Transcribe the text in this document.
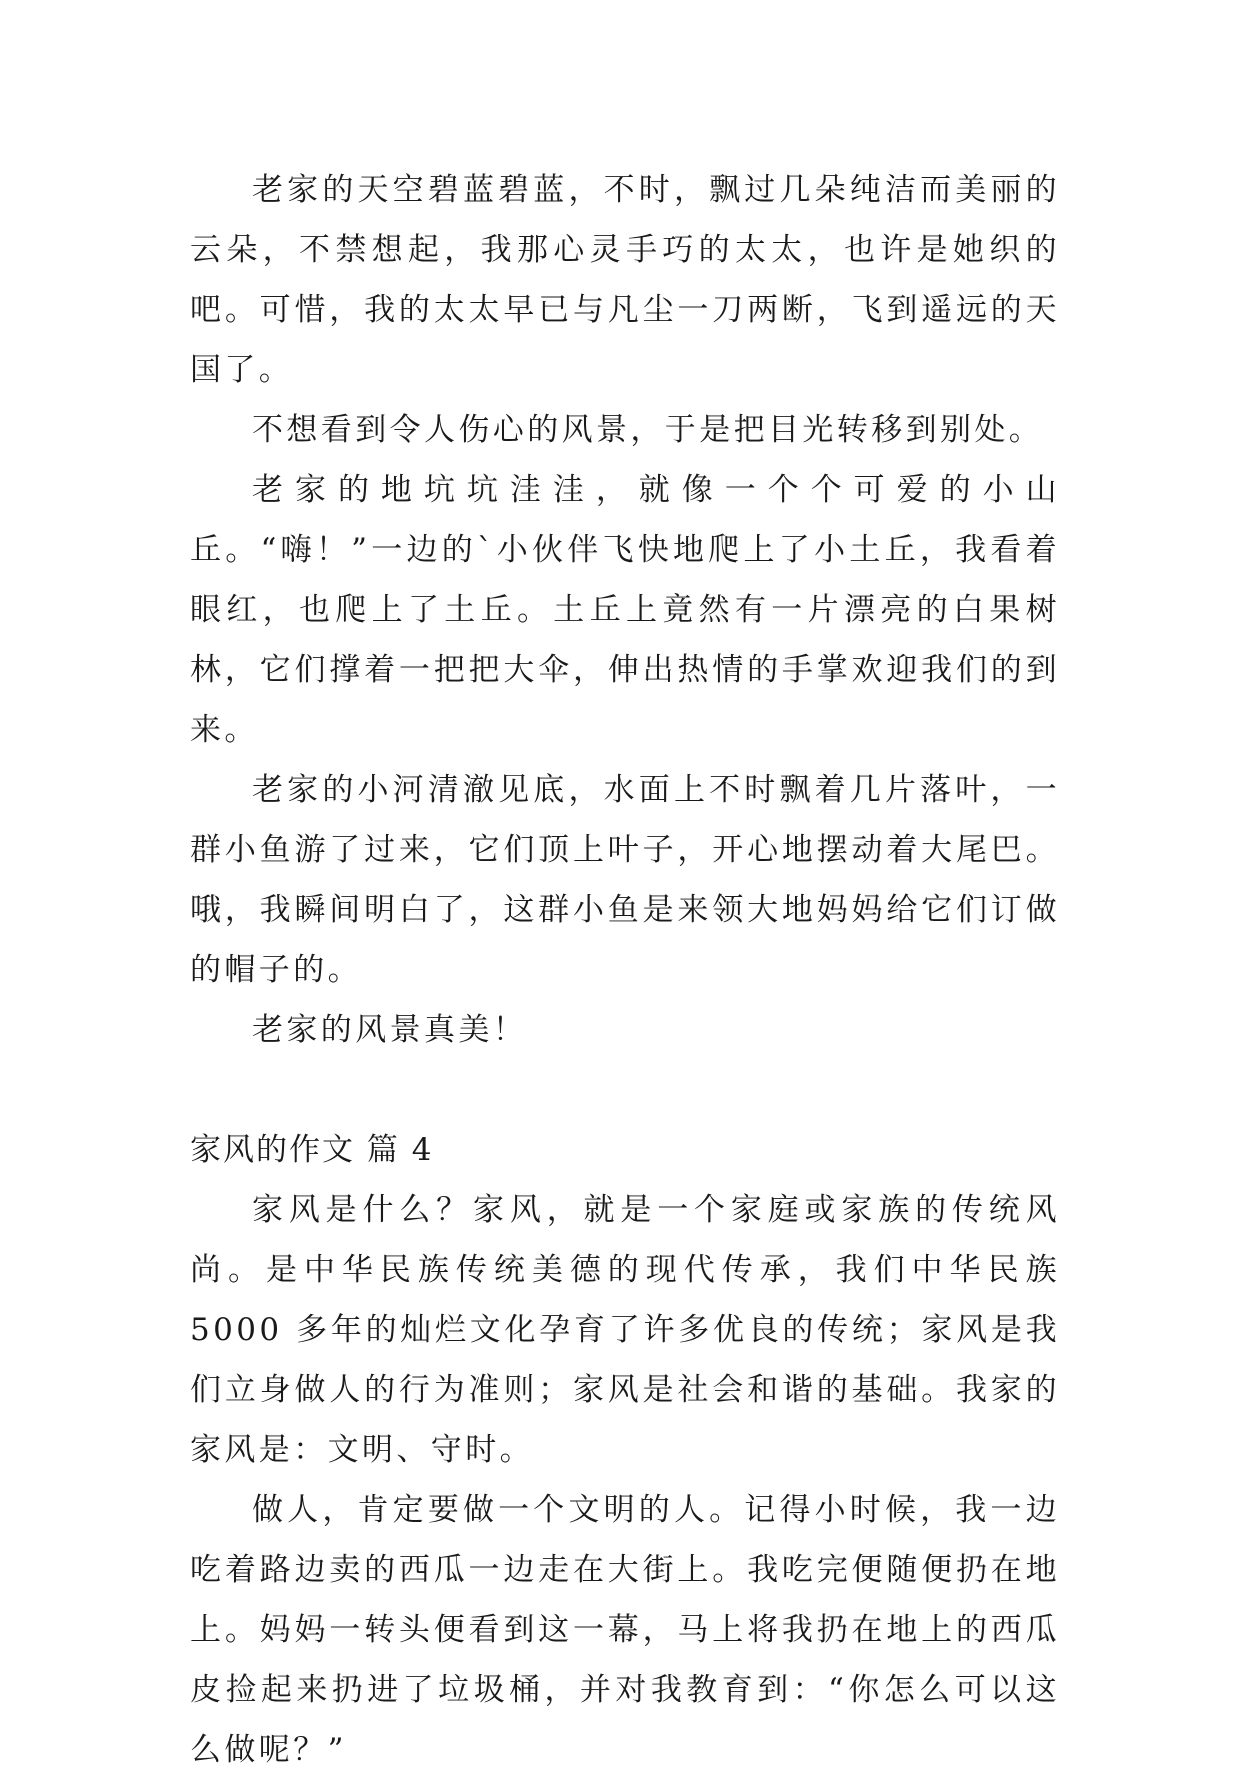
老家的天空碧蓝碧蓝，不时，飘过几朵纯洁而美丽的云朵，不禁想起，我那心灵手巧的太太，也许是她织的吧。可惜，我的太太早已与凡尘一刀两断，飞到遥远的天国了。

不想看到令人伤心的风景，于是把目光转移到别处。

老家的地坑坑洼洼，就像一个个可爱的小山丘。“嗨！”一边的`小伙伴飞快地爬上了小土丘，我看着眼红，也爬上了土丘。土丘上竟然有一片漂亮的白果树林，它们撑着一把把大伞，伸出热情的手掌欢迎我们的到来。

老家的小河清澈见底，水面上不时飘着几片落叶，一群小鱼游了过来，它们顶上叶子，开心地摆动着大尾巴。哦，我瞬间明白了，这群小鱼是来领大地妈妈给它们订做的帽子的。

老家的风景真美！

家风的作文 篇 4

家风是什么？家风，就是一个家庭或家族的传统风尚。是中华民族传统美德的现代传承，我们中华民族 5000 多年的灿烂文化孕育了许多优良的传统；家风是我们立身做人的行为准则；家风是社会和谐的基础。我家的家风是：文明、守时。

做人，肯定要做一个文明的人。记得小时候，我一边吃着路边卖的西瓜一边走在大街上。我吃完便随便扔在地上。妈妈一转头便看到这一幕，马上将我扔在地上的西瓜皮捡起来扔进了垃圾桶，并对我教育到：“你怎么可以这么做呢？”
